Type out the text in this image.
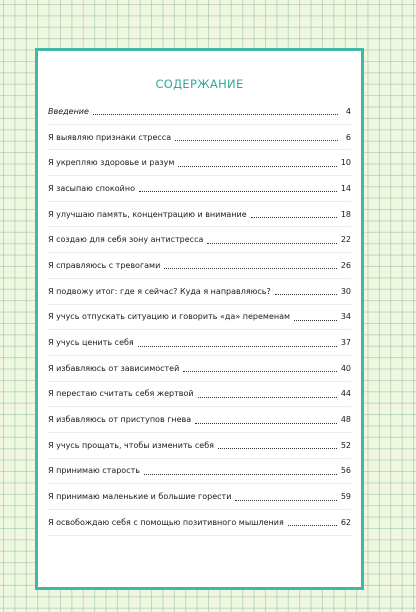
СОДЕРЖАНИЕ
Введение	4
Я выявляю признаки стресса	6
Я укрепляю здоровье и разум	10
Я засыпаю спокойно	14
Я улучшаю память, концентрацию и внимание	18
Я создаю для себя зону антистресса	22
Я справляюсь с тревогами	26
Я подвожу итог: где я сейчас? Куда я направляюсь?	30
Я учусь отпускать ситуацию и говорить «да» переменам	34
Я учусь ценить себя	37
Я избавляюсь от зависимостей	40
Я перестаю считать себя жертвой	44
Я избавляюсь от приступов гнева	48
Я учусь прощать, чтобы изменить себя	52
Я принимаю старость	56
Я принимаю маленькие и большие горести	59
Я освобождаю себя с помощью позитивного мышления	62
